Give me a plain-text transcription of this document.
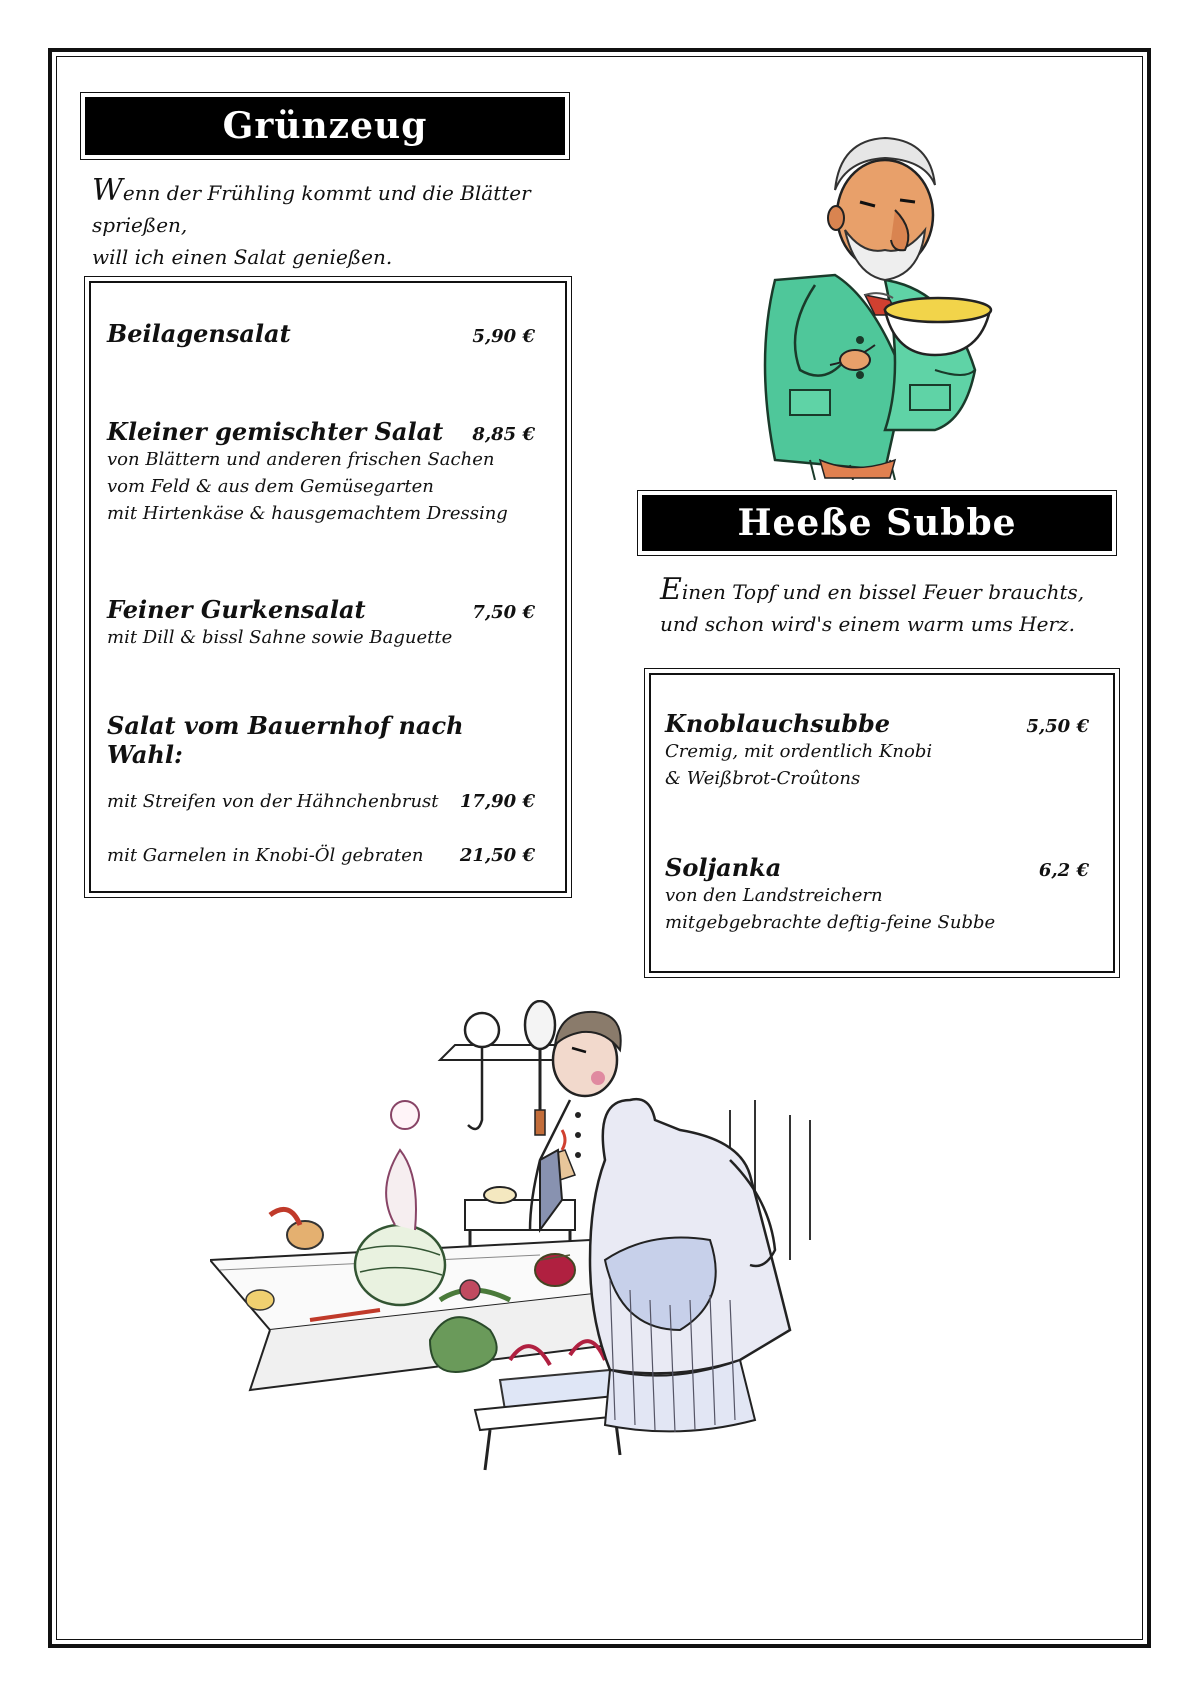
Grünzeug
Wenn der Frühling kommt und die Blätter sprießen,
will ich einen Salat genießen.
Beilagensalat	5,90 €
Kleiner gemischter Salat 8,85 €
von Blättern und anderen frischen Sachen
vom Feld & aus dem Gemüsegarten
mit Hirtenkäse & hausgemachtem Dressing
Feiner Gurkensalat	7,50 €
mit Dill & bissl Sahne sowie Baguette
Salat vom Bauernhof nach Wahl:
mit Streifen von der Hähnchenbrust 17,90 €
mit Garnelen in Knobi-Öl gebraten 21,50 €
Heeße Subbe
Einen Topf und en bissel Feuer brauchts,
und schon wird's einem warm ums Herz.
Knoblauchsubbe	5,50 €
Cremig, mit ordentlich Knobi
& Weißbrot-Croûtons
Soljanka	6,2 €
von den Landstreichern
mitgebgebrachte deftig-feine Subbe
